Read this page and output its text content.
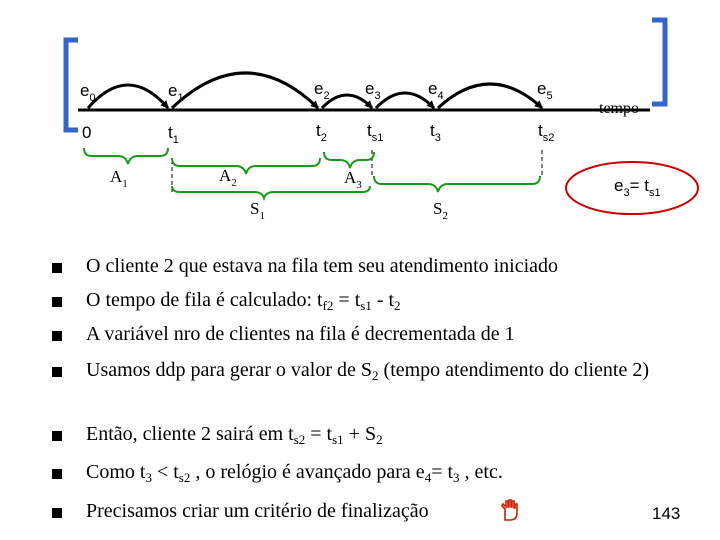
$e_0$	$e_1$	$e_2$ $e_3$	$e_4$	$e_5$
0	$t_1$	$t_2$ $t_{s1}$	$t_3$	$t_{s2}$
tempo
$A_1$	$A_2$	$A_3$
$S_1$	$S_2$
$e_3= t_{s1}$
O cliente 2 que estava na fila tem seu atendimento iniciado
O tempo de fila é calculado: $t_{f2} = t_{s1} - t_2$
A variável nro de clientes na fila é decrementada de 1
Usamos ddp para gerar o valor de $S_2$ (tempo atendimento do cliente 2)
Então, cliente 2 sairá em $t_{s2} = t_{s1} + S_2$
Como $t_3 < t_{s2}$ , o relógio é avançado para $e_4= t_3$ , etc.
Precisamos criar um critério de finalização	143
